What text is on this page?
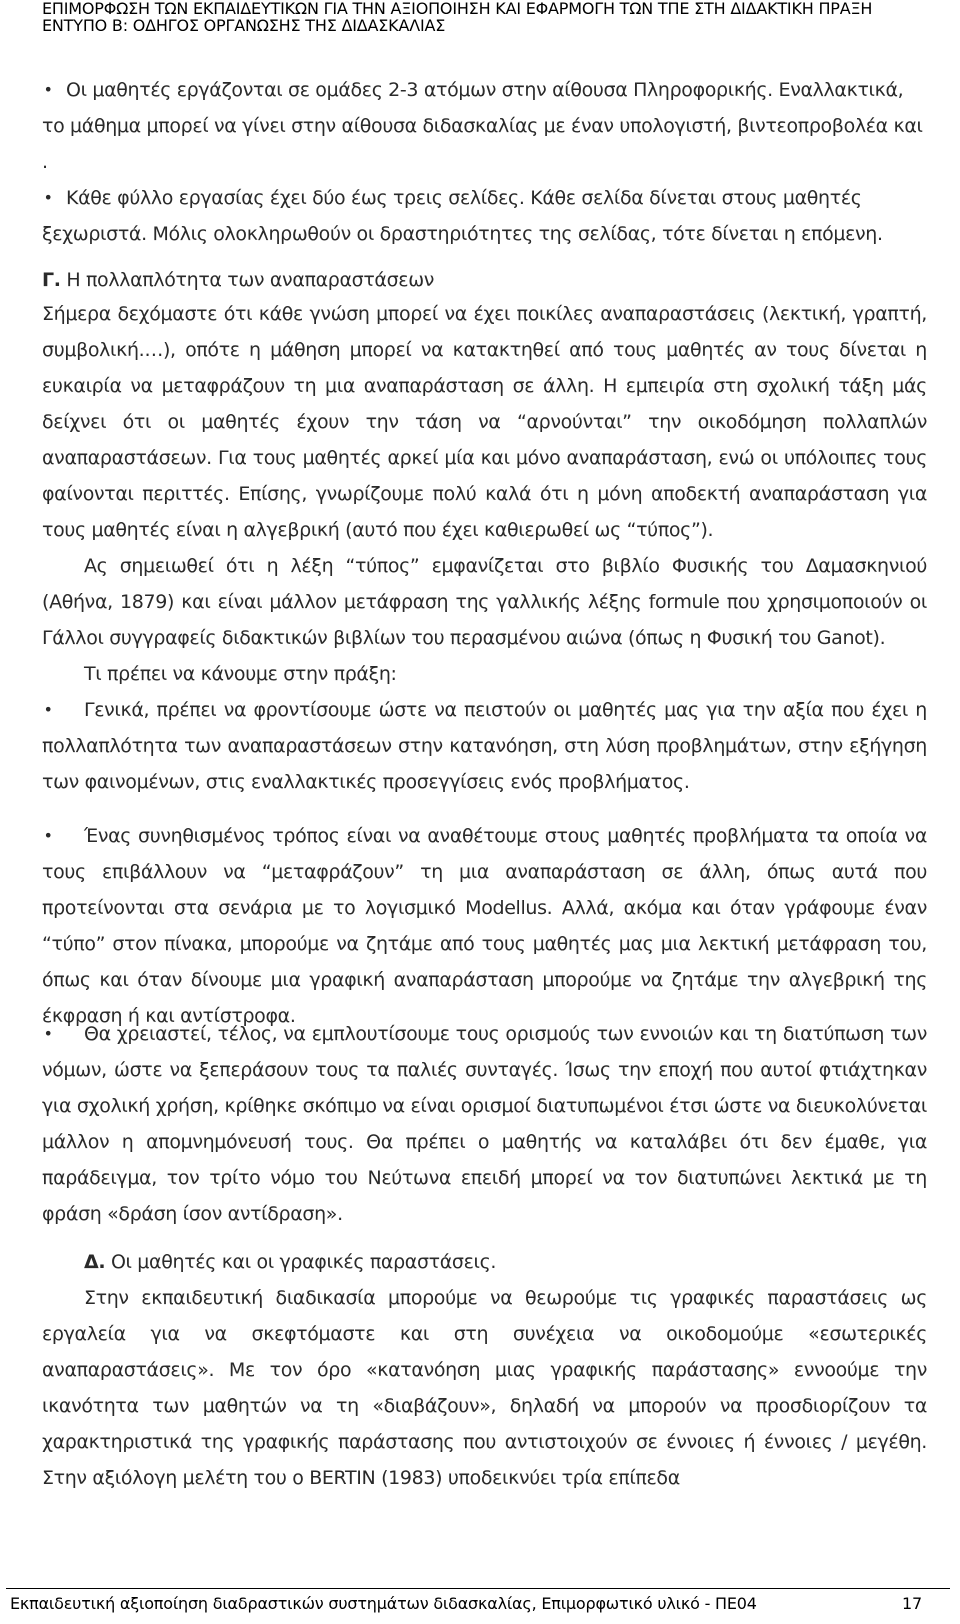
ΕΠΙΜΟΡΦΩΣΗ ΤΩΝ ΕΚΠΑΙΔΕΥΤΙΚΩΝ ΓΙΑ ΤΗΝ ΑΞΙΟΠΟΙΗΣΗ ΚΑΙ ΕΦΑΡΜΟΓΗ ΤΩΝ ΤΠΕ ΣΤΗ ΔΙΔΑΚΤΙΚΗ ΠΡΑΞΗ
ΕΝΤΥΠΟ Β: ΟΔΗΓΟΣ ΟΡΓΑΝΩΣΗΣ ΤΗΣ ΔΙΔΑΣΚΑΛΙΑΣ
• Οι μαθητές εργάζονται σε ομάδες 2-3 ατόμων στην αίθουσα Πληροφορικής. Εναλλακτικά, το μάθημα μπορεί να γίνει στην αίθουσα διδασκαλίας με έναν υπολογιστή, βιντεοπροβολέα και .
• Κάθε φύλλο εργασίας έχει δύο έως τρεις σελίδες. Κάθε σελίδα δίνεται στους μαθητές ξεχωριστά. Μόλις ολοκληρωθούν οι δραστηριότητες της σελίδας, τότε δίνεται η επόμενη.
Γ. Η πολλαπλότητα των αναπαραστάσεων
Σήμερα δεχόμαστε ότι κάθε γνώση μπορεί να έχει ποικίλες αναπαραστάσεις (λεκτική, γραπτή, συμβολική.…), οπότε η μάθηση μπορεί να κατακτηθεί από τους μαθητές αν τους δίνεται η ευκαιρία να μεταφράζουν τη μια αναπαράσταση σε άλλη. Η εμπειρία στη σχολική τάξη μάς δείχνει ότι οι μαθητές έχουν την τάση να “αρνούνται” την οικοδόμηση πολλαπλών αναπαραστάσεων. Για τους μαθητές αρκεί μία και μόνο αναπαράσταση, ενώ οι υπόλοιπες τους φαίνονται περιττές. Επίσης, γνωρίζουμε πολύ καλά ότι η μόνη αποδεκτή αναπαράσταση για τους μαθητές είναι η αλγεβρική (αυτό που έχει καθιερωθεί ως “τύπος”).
Ας σημειωθεί ότι η λέξη “τύπος” εμφανίζεται στο βιβλίο Φυσικής του Δαμασκηνιού (Αθήνα, 1879) και είναι μάλλον μετάφραση της γαλλικής λέξης formule που χρησιμοποιούν οι Γάλλοι συγγραφείς διδακτικών βιβλίων του περασμένου αιώνα (όπως η Φυσική του Ganot).
Τι πρέπει να κάνουμε στην πράξη:
•	Γενικά, πρέπει να φροντίσουμε ώστε να πειστούν οι μαθητές μας για την αξία που έχει η πολλαπλότητα των αναπαραστάσεων στην κατανόηση, στη λύση προβλημάτων, στην εξήγηση των φαινομένων, στις εναλλακτικές προσεγγίσεις ενός προβλήματος.
•	Ένας συνηθισμένος τρόπος είναι να αναθέτουμε στους μαθητές προβλήματα τα οποία να τους επιβάλλουν να “μεταφράζουν” τη μια αναπαράσταση σε άλλη, όπως αυτά που προτείνονται στα σενάρια με το λογισμικό Modellus. Αλλά, ακόμα και όταν γράφουμε έναν “τύπο” στον πίνακα, μπορούμε να ζητάμε από τους μαθητές μας μια λεκτική μετάφραση του, όπως και όταν δίνουμε μια γραφική αναπαράσταση μπορούμε να ζητάμε την αλγεβρική της έκφραση ή και αντίστροφα.
•	Θα χρειαστεί, τέλος, να εμπλουτίσουμε τους ορισμούς των εννοιών και τη διατύπωση των νόμων, ώστε να ξεπεράσουν τους τα παλιές συνταγές. Ίσως την εποχή που αυτοί φτιάχτηκαν για σχολική χρήση, κρίθηκε σκόπιμο να είναι ορισμοί διατυπωμένοι έτσι ώστε να διευκολύνεται μάλλον η απομνημόνευσή τους. Θα πρέπει ο μαθητής να καταλάβει ότι δεν έμαθε, για παράδειγμα, τον τρίτο νόμο του Νεύτωνα επειδή μπορεί να τον διατυπώνει λεκτικά με τη φράση «δράση ίσον αντίδραση».
Δ. Οι μαθητές και οι γραφικές παραστάσεις.
Στην εκπαιδευτική διαδικασία μπορούμε να θεωρούμε τις γραφικές παραστάσεις ως εργαλεία για να σκεφτόμαστε και στη συνέχεια να οικοδομούμε «εσωτερικές αναπαραστάσεις». Με τον όρο «κατανόηση μιας γραφικής παράστασης» εννοούμε την ικανότητα των μαθητών να τη «διαβάζουν», δηλαδή να μπορούν να προσδιορίζουν τα χαρακτηριστικά της γραφικής παράστασης που αντιστοιχούν σε έννοιες ή έννοιες / μεγέθη. Στην αξιόλογη μελέτη του ο BERTIN (1983) υποδεικνύει τρία επίπεδα
Εκπαιδευτική αξιοποίηση διαδραστικών συστημάτων διδασκαλίας, Επιμορφωτικό υλικό - ΠΕ04	17
